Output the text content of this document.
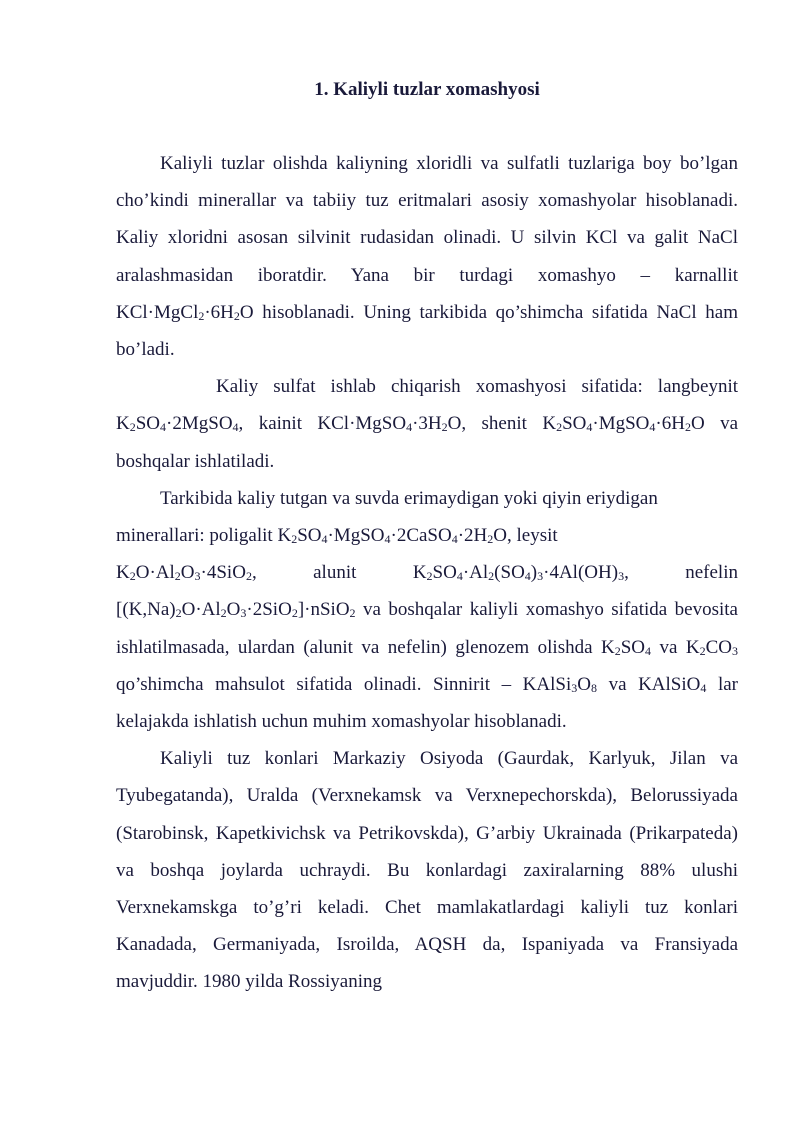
1. Kaliyli tuzlar xomashyosi

Kaliyli tuzlar olishda kaliyning xloridli va sulfatli tuzlariga boy bo’lgan cho’kindi minerallar va tabiiy tuz eritmalari asosiy xomashyolar hisoblanadi. Kaliy xloridni asosan silvinit rudasidan olinadi. U silvin KCl va galit NaCl aralashmasidan iboratdir. Yana bir turdagi xomashyo – karnallit $KCl\cdot MgCl_2\cdot 6H_2O$ hisoblanadi. Uning tarkibida qo’shimcha sifatida NaCl ham bo’ladi.

Kaliy sulfat ishlab chiqarish xomashyosi sifatida: langbeynit $K_2SO_4\cdot 2MgSO_4$, kainit $KCl\cdot MgSO_4\cdot 3H_2O$, shenit $K_2SO_4\cdot MgSO_4\cdot 6H_2O$ va boshqalar ishlatiladi.

Tarkibida kaliy tutgan va suvda erimaydigan yoki qiyin eriydigan minerallari: poligalit $K_2SO_4\cdot MgSO_4\cdot 2CaSO_4\cdot 2H_2O$, leysit

$K_2O\cdot Al_2O_3\cdot 4SiO_2$,	alunit	$K_2SO_4\cdot Al_2(SO_4)_3\cdot 4Al(OH)_3$,	nefelin

$[(K,Na)_2O\cdot Al_2O_3\cdot 2SiO_2]\cdot nSiO_2$ va boshqalar kaliyli xomashyo sifatida bevosita ishlatilmasada, ulardan (alunit va nefelin) glenozem olishda $K_2SO_4$ va $K_2CO_3$ qo’shimcha mahsulot sifatida olinadi. Sinnirit – $KAlSi_3O_8$ va KAlSiO$_4$ lar kelajakda ishlatish uchun muhim xomashyolar hisoblanadi.

Kaliyli tuz konlari Markaziy Osiyoda (Gaurdak, Karlyuk, Jilan va Tyubegatanda), Uralda (Verxnekamsk va Verxnepechorskda), Belorussiyada (Starobinsk, Kapetkivichsk va Petrikovskda), G’arbiy Ukrainada (Prikarpateda) va boshqa joylarda uchraydi. Bu konlardagi zaxiralarning 88% ulushi Verxnekamskga to’g’ri keladi. Chet mamlakatlardagi kaliyli tuz konlari Kanadada, Germaniyada, Isroilda, AQSH da, Ispaniyada va Fransiyada mavjuddir. 1980 yilda Rossiyaning
